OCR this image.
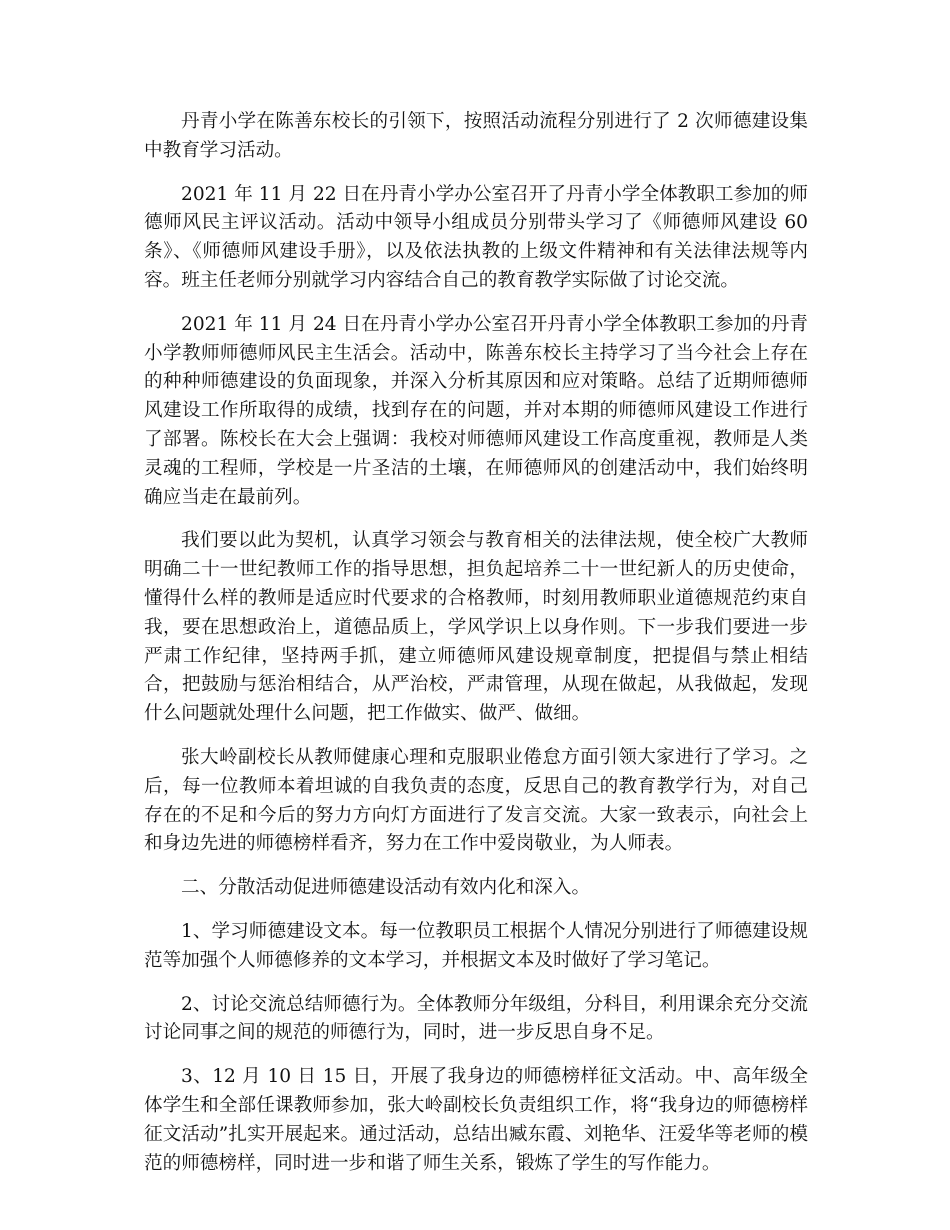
丹青小学在陈善东校长的引领下，按照活动流程分别进行了 2 次师德建设集中教育学习活动。

2021 年 11 月 22 日在丹青小学办公室召开了丹青小学全体教职工参加的师德师风民主评议活动。活动中领导小组成员分别带头学习了《师德师风建设 60 条》、《师德师风建设手册》，以及依法执教的上级文件精神和有关法律法规等内容。班主任老师分别就学习内容结合自己的教育教学实际做了讨论交流。

2021 年 11 月 24 日在丹青小学办公室召开丹青小学全体教职工参加的丹青小学教师师德师风民主生活会。活动中，陈善东校长主持学习了当今社会上存在的种种师德建设的负面现象，并深入分析其原因和应对策略。总结了近期师德师风建设工作所取得的成绩，找到存在的问题，并对本期的师德师风建设工作进行了部署。陈校长在大会上强调：我校对师德师风建设工作高度重视，教师是人类灵魂的工程师，学校是一片圣洁的土壤，在师德师风的创建活动中，我们始终明确应当走在最前列。

我们要以此为契机，认真学习领会与教育相关的法律法规，使全校广大教师明确二十一世纪教师工作的指导思想，担负起培养二十一世纪新人的历史使命，懂得什么样的教师是适应时代要求的合格教师，时刻用教师职业道德规范约束自我，要在思想政治上，道德品质上，学风学识上以身作则。下一步我们要进一步严肃工作纪律，坚持两手抓，建立师德师风建设规章制度，把提倡与禁止相结合，把鼓励与惩治相结合，从严治校，严肃管理，从现在做起，从我做起，发现什么问题就处理什么问题，把工作做实、做严、做细。

张大岭副校长从教师健康心理和克服职业倦怠方面引领大家进行了学习。之后，每一位教师本着坦诚的自我负责的态度，反思自己的教育教学行为，对自己存在的不足和今后的努力方向灯方面进行了发言交流。大家一致表示，向社会上和身边先进的师德榜样看齐，努力在工作中爱岗敬业，为人师表。

二、分散活动促进师德建设活动有效内化和深入。

1、学习师德建设文本。每一位教职员工根据个人情况分别进行了师德建设规范等加强个人师德修养的文本学习，并根据文本及时做好了学习笔记。

2、讨论交流总结师德行为。全体教师分年级组，分科目，利用课余充分交流讨论同事之间的规范的师德行为，同时，进一步反思自身不足。

3、12 月 10 日 15 日，开展了我身边的师德榜样征文活动。中、高年级全体学生和全部任课教师参加，张大岭副校长负责组织工作，将“我身边的师德榜样征文活动”扎实开展起来。通过活动，总结出臧东霞、刘艳华、汪爱华等老师的模范的师德榜样，同时进一步和谐了师生关系，锻炼了学生的写作能力。
